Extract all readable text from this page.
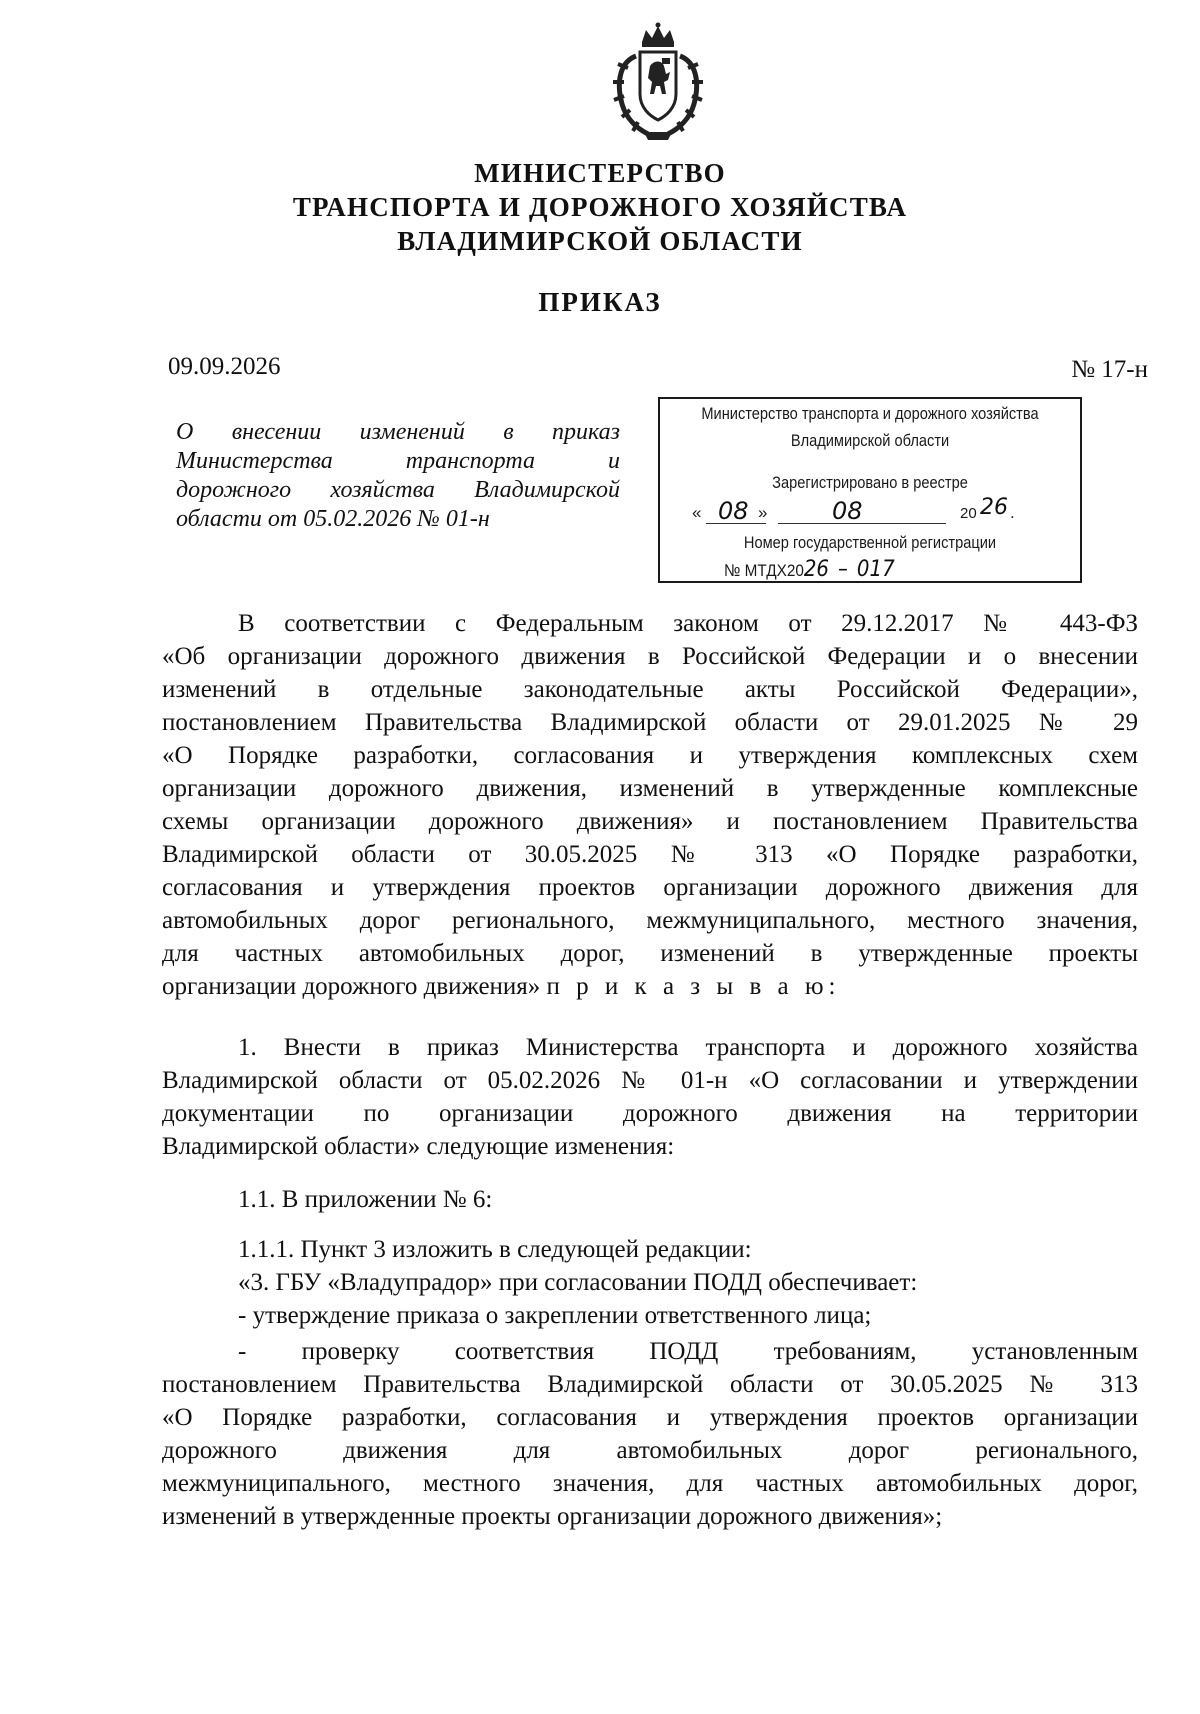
МИНИСТЕРСТВО
ТРАНСПОРТА И ДОРОЖНОГО ХОЗЯЙСТВА
ВЛАДИМИРСКОЙ ОБЛАСТИ
ПРИКАЗ
09.09.2026	№ 17-н
О внесении изменений в приказ
Министерства транспорта и
дорожного хозяйства Владимирской
области от 05.02.2026 № 01-н
Министерство транспорта и дорожного хозяйства
Владимирской области
Зарегистрировано в реестре
« 08 »	08	20 26 .
Номер государственной регистрации
№ МТДХ2026 – 017
В соответствии с Федеральным законом от 29.12.2017 № 443-ФЗ
«Об организации дорожного движения в Российской Федерации и о внесении
изменений в отдельные законодательные акты Российской Федерации»,
постановлением Правительства Владимирской области от 29.01.2025 № 29
«О Порядке разработки, согласования и утверждения комплексных схем
организации дорожного движения, изменений в утвержденные комплексные
схемы организации дорожного движения» и постановлением Правительства
Владимирской области от 30.05.2025 № 313 «О Порядке разработки,
согласования и утверждения проектов организации дорожного движения для
автомобильных дорог регионального, межмуниципального, местного значения,
для частных автомобильных дорог, изменений в утвержденные проекты
организации дорожного движения» п р и к а з ы в а ю:
1. Внести в приказ Министерства транспорта и дорожного хозяйства
Владимирской области от 05.02.2026 № 01-н «О согласовании и утверждении
документации по организации дорожного движения на территории
Владимирской области» следующие изменения:
1.1. В приложении № 6:
1.1.1. Пункт 3 изложить в следующей редакции:
«3. ГБУ «Владупрадор» при согласовании ПОДД обеспечивает:
- утверждение приказа о закреплении ответственного лица;
- проверку соответствия ПОДД требованиям, установленным
постановлением Правительства Владимирской области от 30.05.2025 № 313
«О Порядке разработки, согласования и утверждения проектов организации
дорожного движения для автомобильных дорог регионального,
межмуниципального, местного значения, для частных автомобильных дорог,
изменений в утвержденные проекты организации дорожного движения»;
